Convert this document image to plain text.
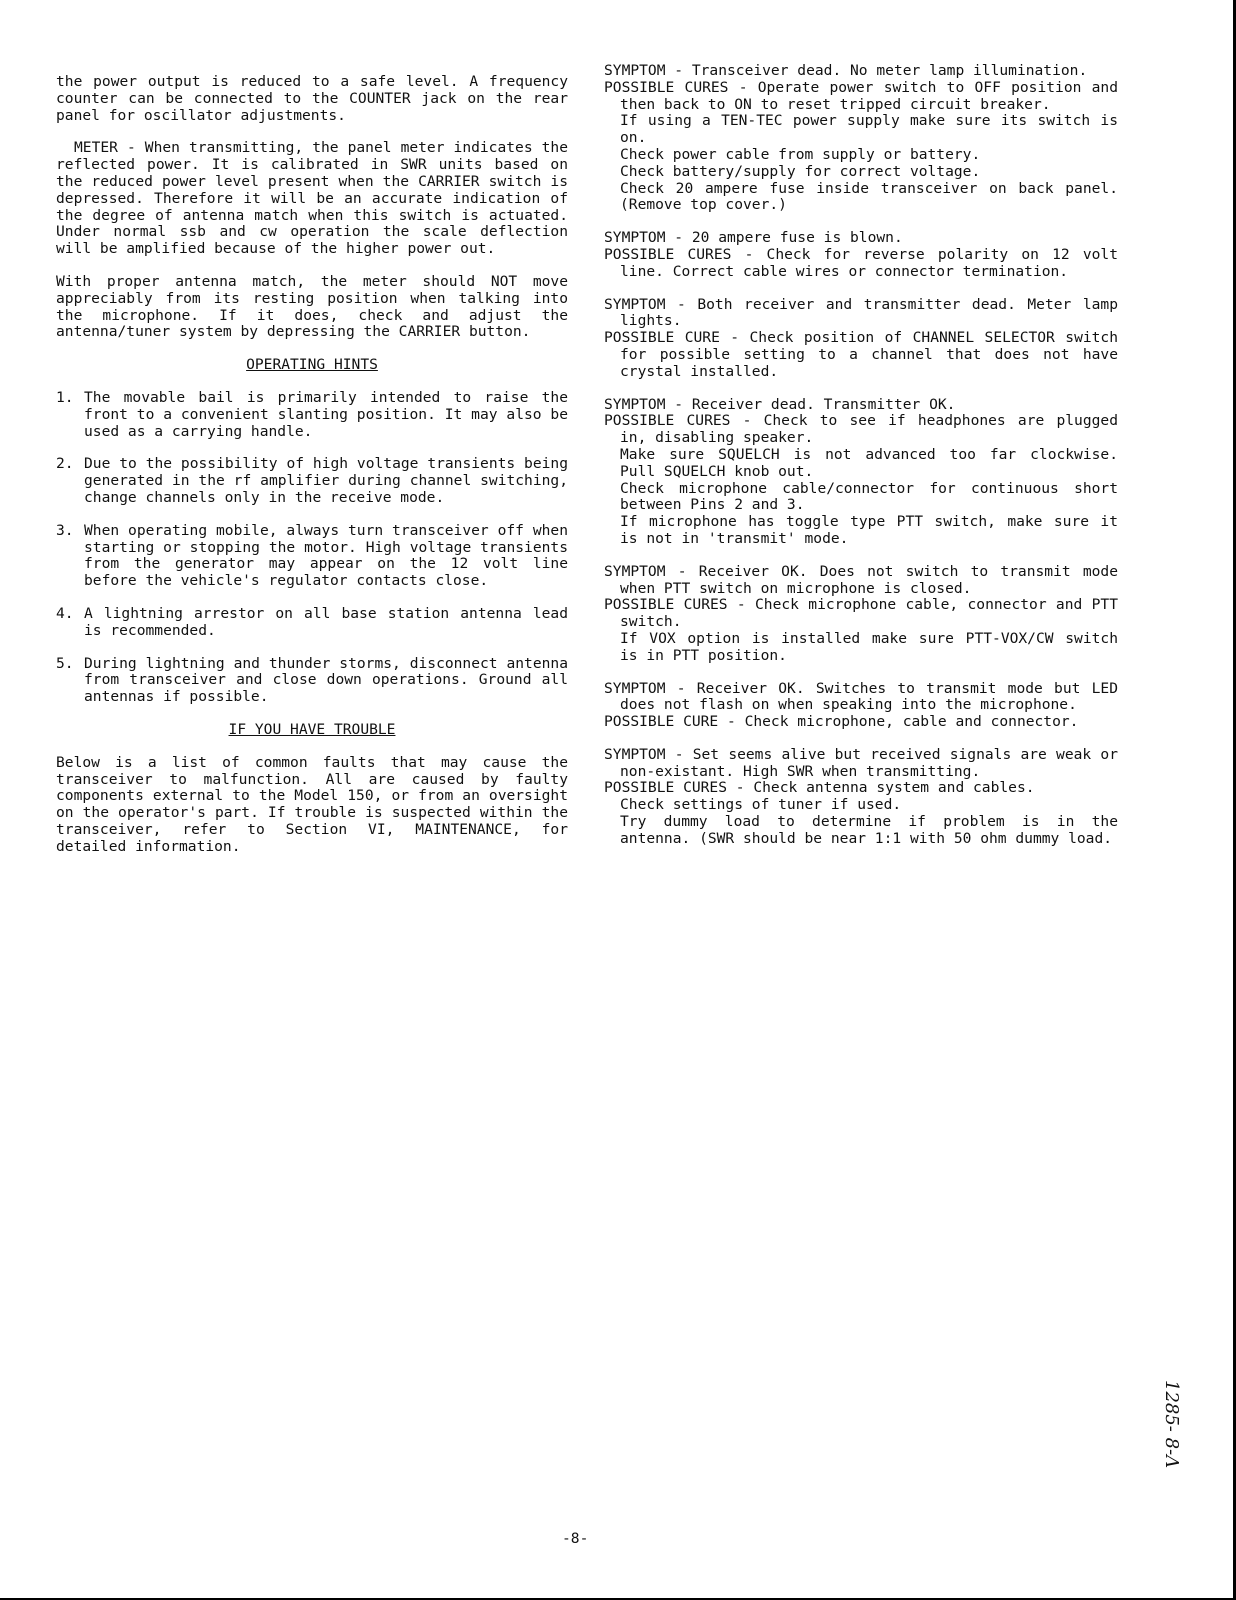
the power output is reduced to a safe level. A frequency counter can be connected to the COUNTER jack on the rear panel for oscillator adjustments.

METER - When transmitting, the panel meter indicates the reflected power. It is calibrated in SWR units based on the reduced power level present when the CARRIER switch is depressed. Therefore it will be an accurate indication of the degree of antenna match when this switch is actuated. Under normal ssb and cw operation the scale deflection will be amplified because of the higher power out.

With proper antenna match, the meter should NOT move appreciably from its resting position when talking into the microphone. If it does, check and adjust the antenna/tuner system by depressing the CARRIER button.

OPERATING HINTS
1. The movable bail is primarily intended to raise the front to a convenient slanting position. It may also be used as a carrying handle.
2. Due to the possibility of high voltage transients being generated in the rf amplifier during channel switching, change channels only in the receive mode.
3. When operating mobile, always turn transceiver off when starting or stopping the motor. High voltage transients from the generator may appear on the 12 volt line before the vehicle's regulator contacts close.
4. A lightning arrestor on all base station antenna lead is recommended.
5. During lightning and thunder storms, disconnect antenna from transceiver and close down operations. Ground all antennas if possible.
IF YOU HAVE TROUBLE

Below is a list of common faults that may cause the transceiver to malfunction. All are caused by faulty components external to the Model 150, or from an oversight on the operator's part. If trouble is suspected within the transceiver, refer to Section VI, MAINTENANCE, for detailed information.

SYMPTOM - Transceiver dead. No meter lamp illumination.
POSSIBLE CURES - Operate power switch to OFF position and then back to ON to reset tripped circuit breaker.
If using a TEN-TEC power supply make sure its switch is on.
Check power cable from supply or battery.
Check battery/supply for correct voltage.
Check 20 ampere fuse inside transceiver on back panel. (Remove top cover.)
SYMPTOM - 20 ampere fuse is blown.
POSSIBLE CURES - Check for reverse polarity on 12 volt line. Correct cable wires or connector termination.
SYMPTOM - Both receiver and transmitter dead. Meter lamp lights.
POSSIBLE CURE - Check position of CHANNEL SELECTOR switch for possible setting to a channel that does not have crystal installed.
SYMPTOM - Receiver dead. Transmitter OK.
POSSIBLE CURES - Check to see if headphones are plugged in, disabling speaker.
Make sure SQUELCH is not advanced too far clockwise. Pull SQUELCH knob out.
Check microphone cable/connector for continuous short between Pins 2 and 3.
If microphone has toggle type PTT switch, make sure it is not in 'transmit' mode.
SYMPTOM - Receiver OK. Does not switch to transmit mode when PTT switch on microphone is closed.
POSSIBLE CURES - Check microphone cable, connector and PTT switch.
If VOX option is installed make sure PTT-VOX/CW switch is in PTT position.
SYMPTOM - Receiver OK. Switches to transmit mode but LED does not flash on when speaking into the microphone.
POSSIBLE CURE - Check microphone, cable and connector.
SYMPTOM - Set seems alive but received signals are weak or non-existant. High SWR when transmitting.
POSSIBLE CURES - Check antenna system and cables.
Check settings of tuner if used.
Try dummy load to determine if problem is in the antenna. (SWR should be near 1:1 with 50 ohm dummy load.
-8-
1285- 8-Λ
